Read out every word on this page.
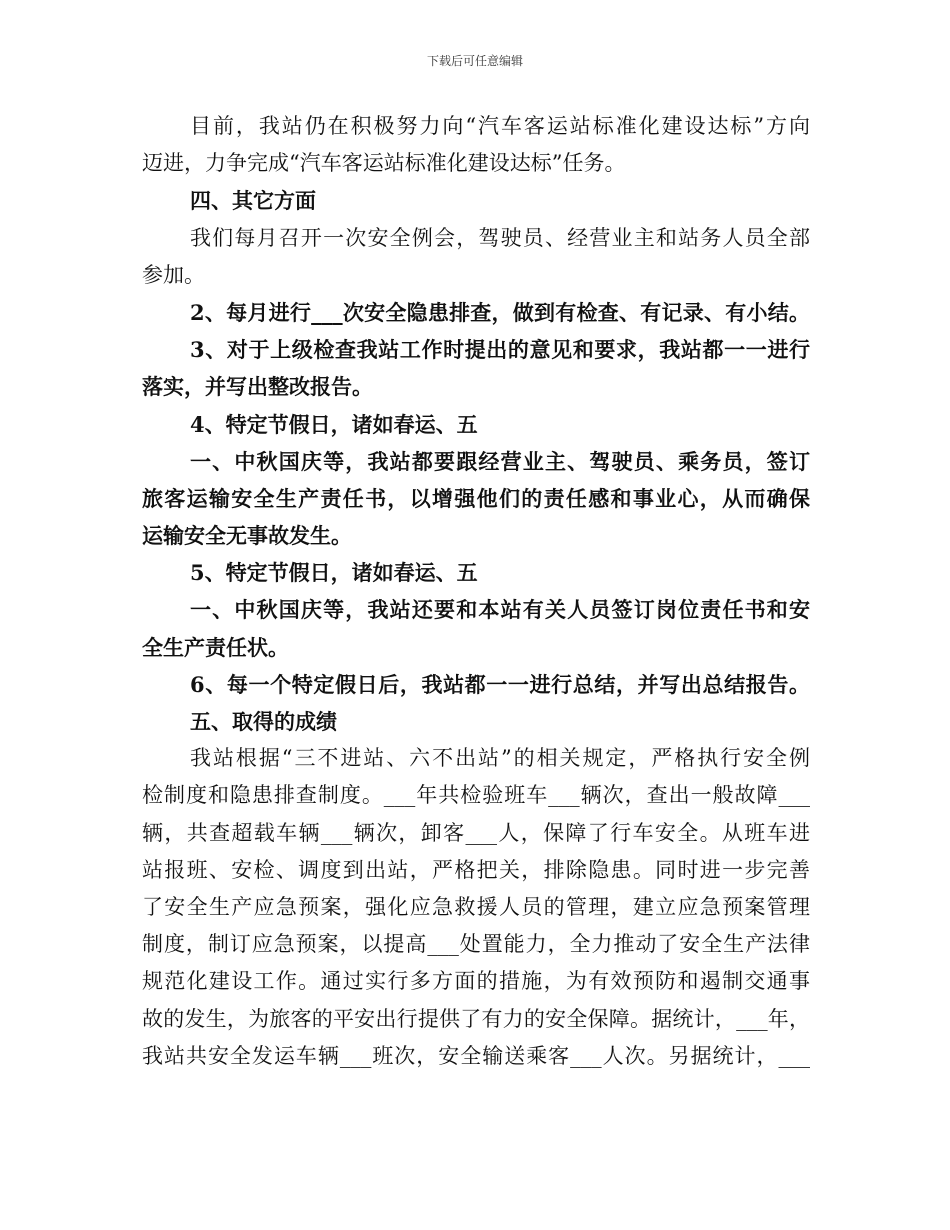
下载后可任意编辑
目前，我站仍在积极努力向“汽车客运站标准化建设达标”方向
迈进，力争完成“汽车客运站标准化建设达标”任务。
四、其它方面
我们每月召开一次安全例会，驾驶员、经营业主和站务人员全部
参加。
2、每月进行___次安全隐患排查，做到有检查、有记录、有小结。
3、对于上级检查我站工作时提出的意见和要求，我站都一一进行
落实，并写出整改报告。
4、特定节假日，诸如春运、五
一、中秋国庆等，我站都要跟经营业主、驾驶员、乘务员，签订
旅客运输安全生产责任书，以增强他们的责任感和事业心，从而确保
运输安全无事故发生。
5、特定节假日，诸如春运、五
一、中秋国庆等，我站还要和本站有关人员签订岗位责任书和安
全生产责任状。
6、每一个特定假日后，我站都一一进行总结，并写出总结报告。
五、取得的成绩
我站根据“三不进站、六不出站”的相关规定，严格执行安全例
检制度和隐患排查制度。___年共检验班车___辆次，查出一般故障___
辆，共查超载车辆___辆次，卸客___人，保障了行车安全。从班车进
站报班、安检、调度到出站，严格把关，排除隐患。同时进一步完善
了安全生产应急预案，强化应急救援人员的管理，建立应急预案管理
制度，制订应急预案，以提高___处置能力，全力推动了安全生产法律
规范化建设工作。通过实行多方面的措施，为有效预防和遏制交通事
故的发生，为旅客的平安出行提供了有力的安全保障。据统计，___年，
我站共安全发运车辆___班次，安全输送乘客___人次。另据统计，___
